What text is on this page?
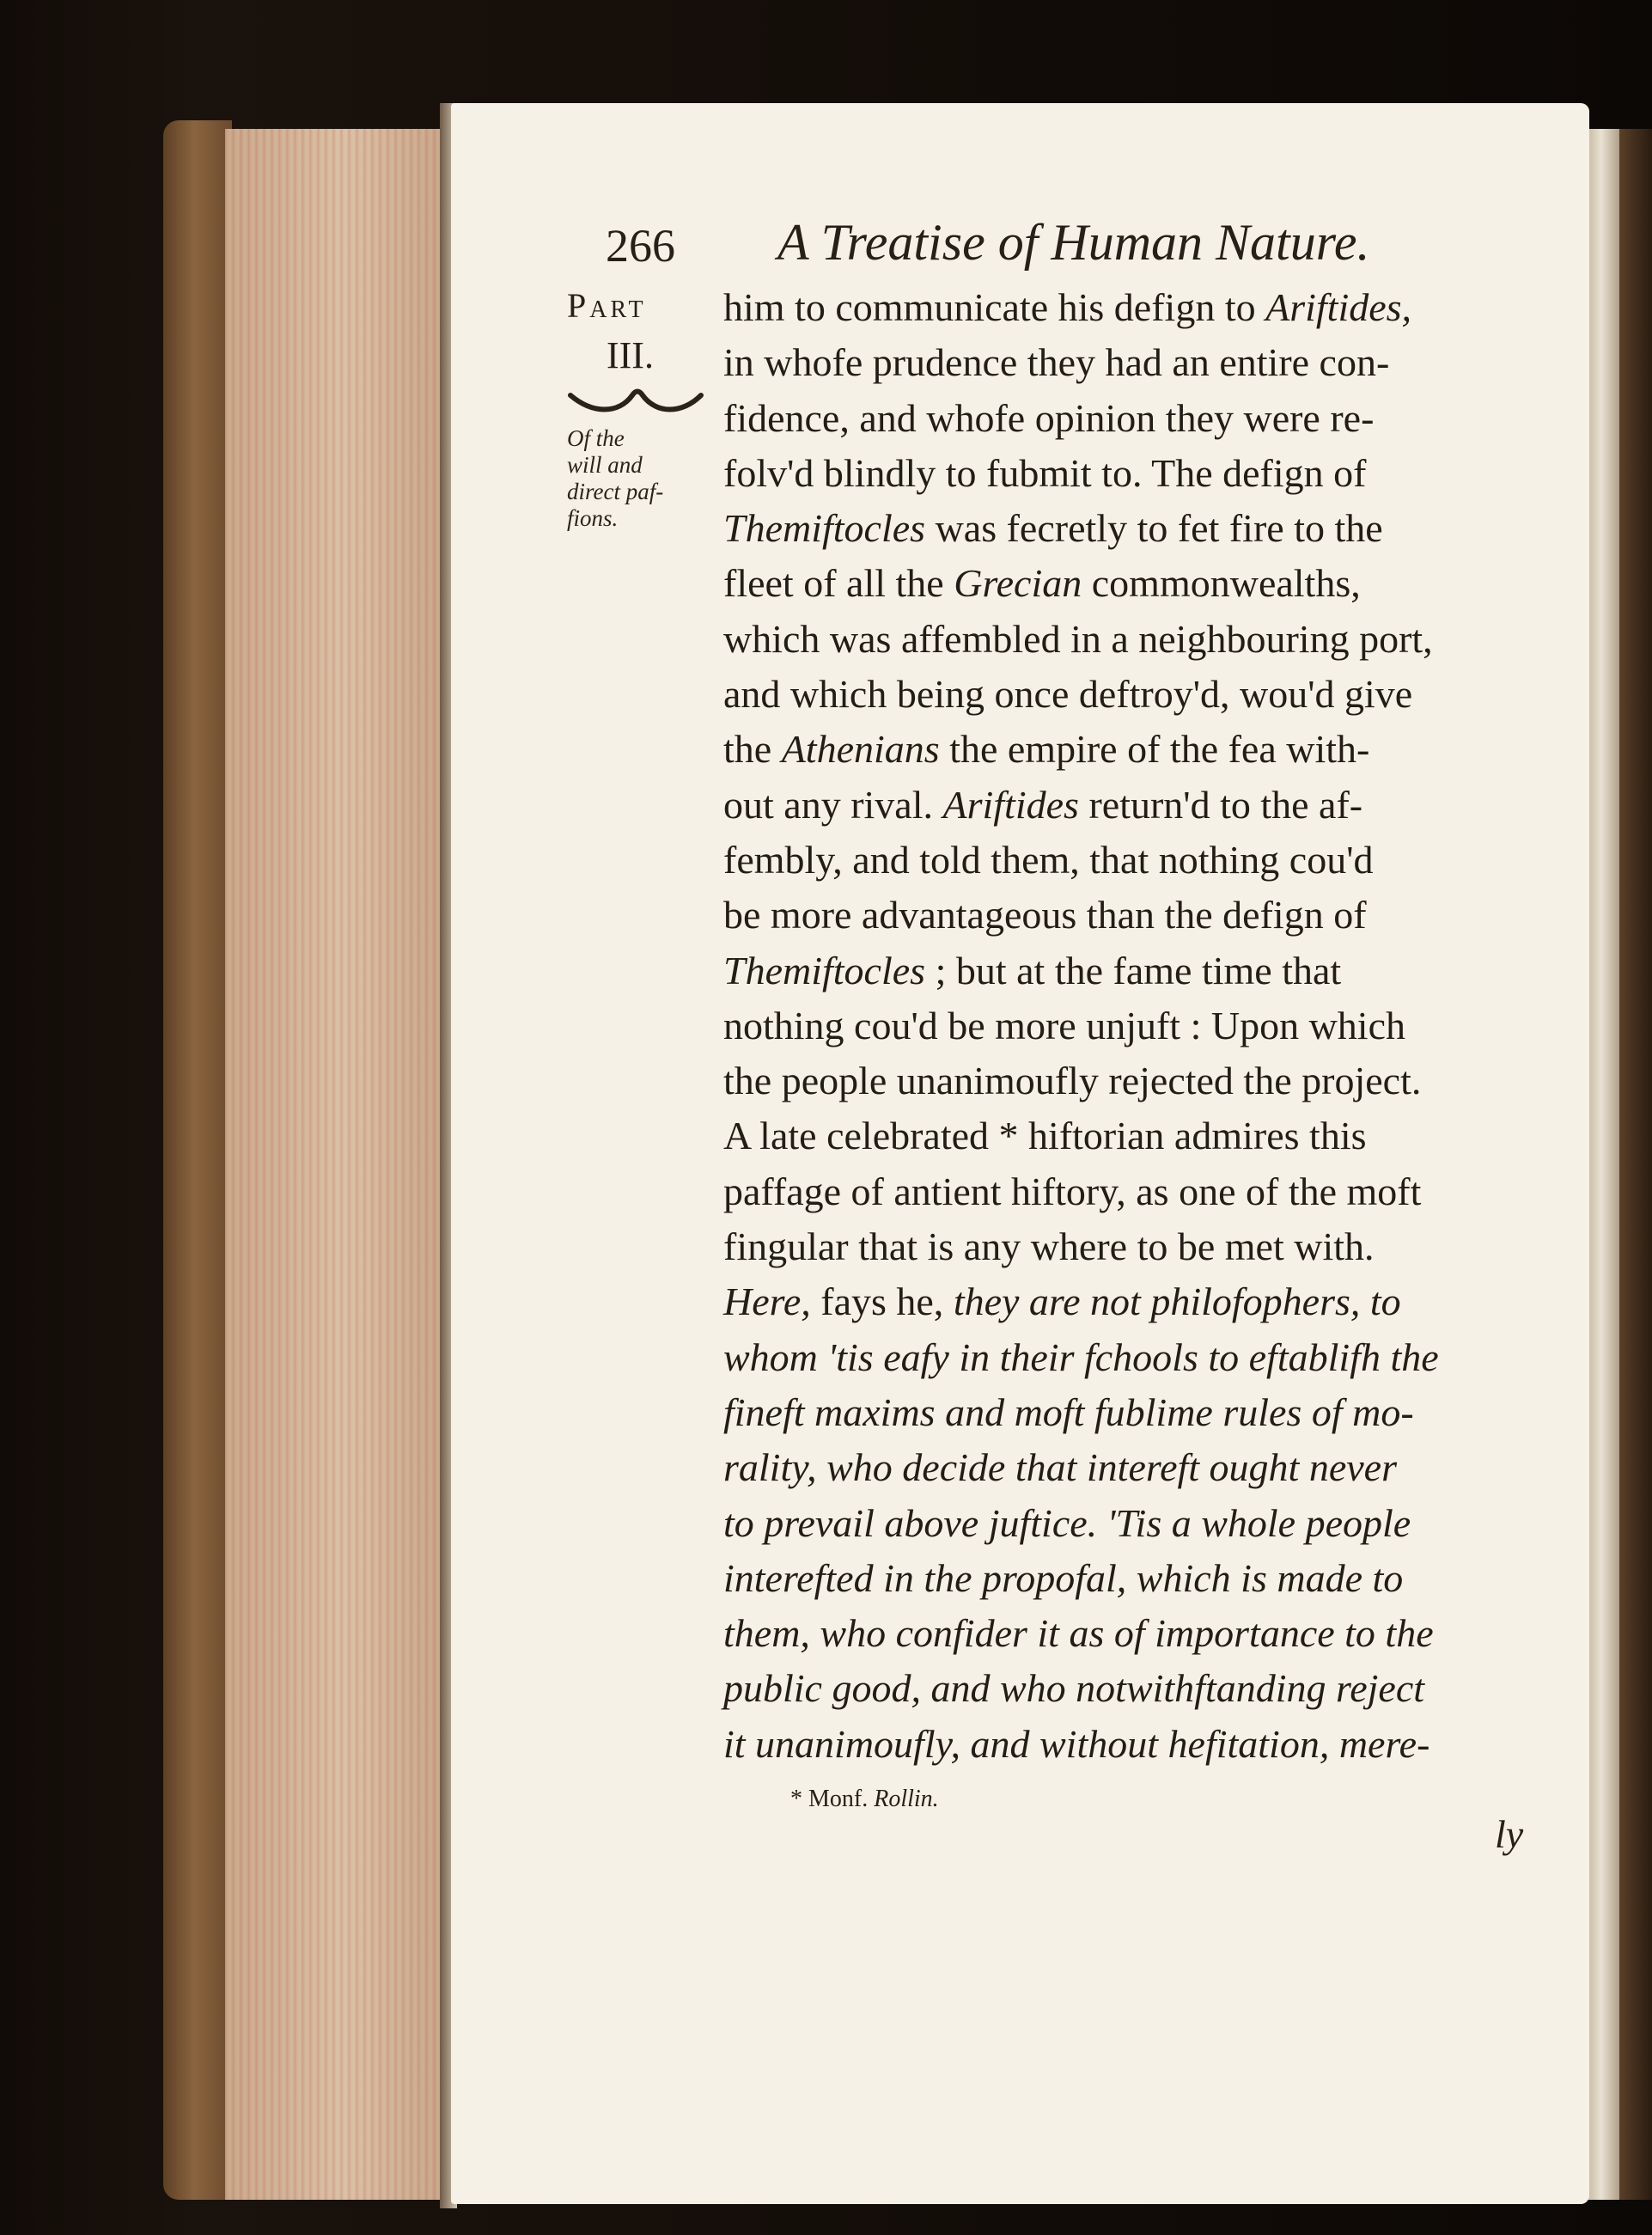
266 A Treatise of Human Nature.
Part
III.
Of the
will and
direct paf-
fions.
him to communicate his defign to Ariftides,
in whofe prudence they had an entire con-
fidence, and whofe opinion they were re-
folv'd blindly to fubmit to. The defign of
Themiftocles was fecretly to fet fire to the
fleet of all the Grecian commonwealths,
which was affembled in a neighbouring port,
and which being once deftroy'd, wou'd give
the Athenians the empire of the fea with-
out any rival. Ariftides return'd to the af-
fembly, and told them, that nothing cou'd
be more advantageous than the defign of
Themiftocles ; but at the fame time that
nothing cou'd be more unjuft : Upon which
the people unanimoufly rejected the project.
A late celebrated * hiftorian admires this
paffage of antient hiftory, as one of the moft
fingular that is any where to be met with.
Here, fays he, they are not philofophers, to
whom 'tis eafy in their fchools to eftablifh the
fineft maxims and moft fublime rules of mo-
rality, who decide that intereft ought never
to prevail above juftice. 'Tis a whole people
interefted in the propofal, which is made to
them, who confider it as of importance to the
public good, and who notwithftanding reject
it unanimoufly, and without hefitation, mere-
* Monf. Rollin.
ly
